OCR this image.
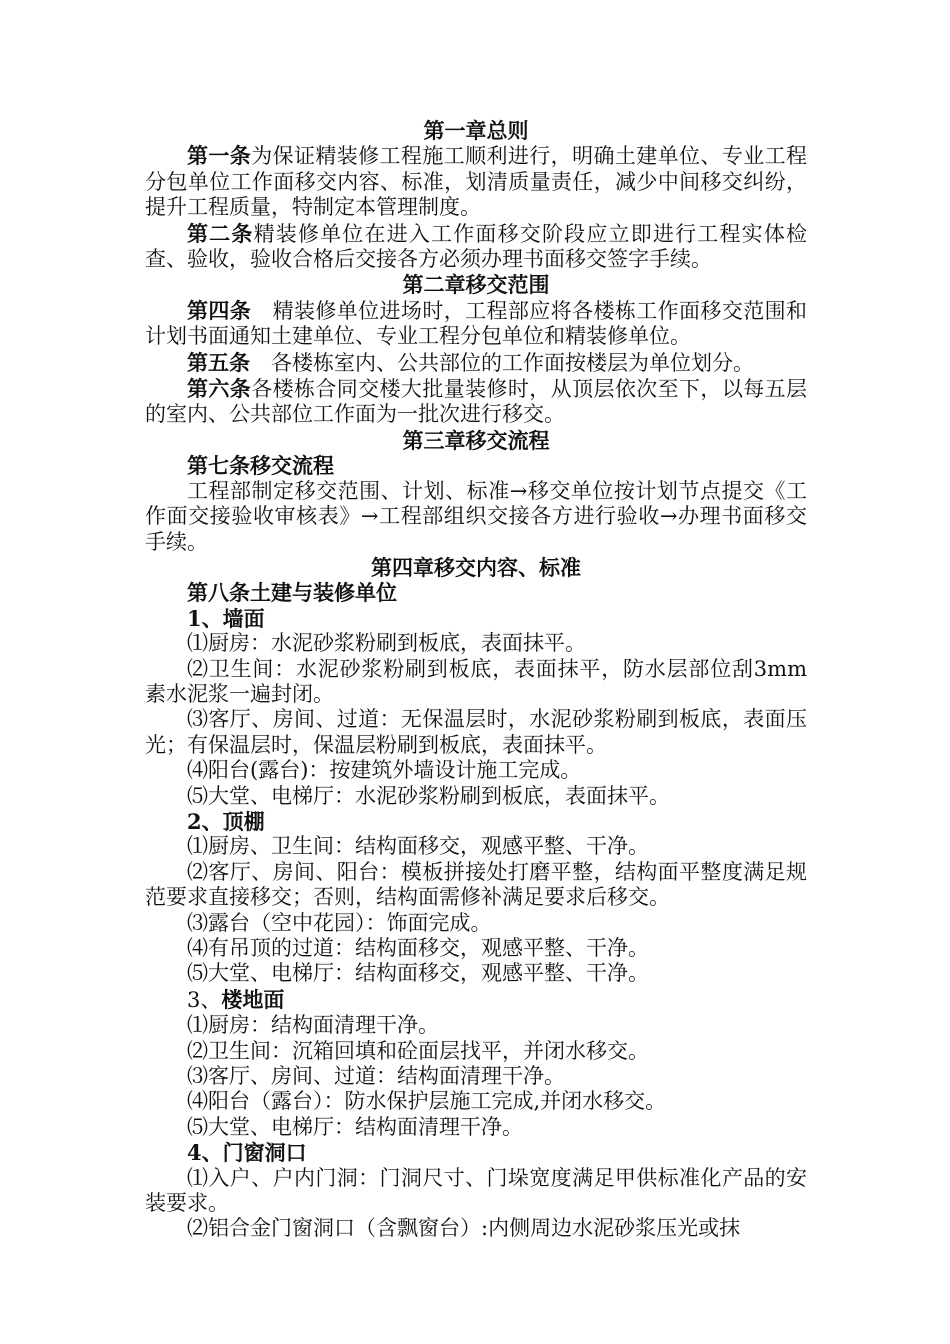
第一章总则

第一条为保证精装修工程施工顺利进行，明确土建单位、专业工程分包单位工作面移交内容、标准，划清质量责任，减少中间移交纠纷，提升工程质量，特制定本管理制度。

第二条精装修单位在进入工作面移交阶段应立即进行工程实体检查、验收，验收合格后交接各方必须办理书面移交签字手续。

第二章移交范围

第四条　精装修单位进场时，工程部应将各楼栋工作面移交范围和计划书面通知土建单位、专业工程分包单位和精装修单位。

第五条　各楼栋室内、公共部位的工作面按楼层为单位划分。

第六条各楼栋合同交楼大批量装修时，从顶层依次至下，以每五层的室内、公共部位工作面为一批次进行移交。

第三章移交流程

第七条移交流程

工程部制定移交范围、计划、标准→移交单位按计划节点提交《工作面交接验收审核表》→工程部组织交接各方进行验收→办理书面移交手续。

第四章移交内容、标准

第八条土建与装修单位

1、墙面

⑴厨房：水泥砂浆粉刷到板底，表面抹平。

⑵卫生间：水泥砂浆粉刷到板底，表面抹平，防水层部位刮3mm素水泥浆一遍封闭。

⑶客厅、房间、过道：无保温层时，水泥砂浆粉刷到板底，表面压光；有保温层时，保温层粉刷到板底，表面抹平。

⑷阳台(露台)：按建筑外墙设计施工完成。

⑸大堂、电梯厅：水泥砂浆粉刷到板底，表面抹平。

2、顶棚

⑴厨房、卫生间：结构面移交，观感平整、干净。

⑵客厅、房间、阳台：模板拼接处打磨平整，结构面平整度满足规范要求直接移交；否则，结构面需修补满足要求后移交。

⑶露台（空中花园）：饰面完成。

⑷有吊顶的过道：结构面移交，观感平整、干净。

⑸大堂、电梯厅：结构面移交，观感平整、干净。

3、楼地面

⑴厨房：结构面清理干净。

⑵卫生间：沉箱回填和砼面层找平，并闭水移交。

⑶客厅、房间、过道：结构面清理干净。

⑷阳台（露台）：防水保护层施工完成,并闭水移交。

⑸大堂、电梯厅：结构面清理干净。

4、门窗洞口

⑴入户、户内门洞：门洞尺寸、门垛宽度满足甲供标准化产品的安装要求。

⑵铝合金门窗洞口（含飘窗台）:内侧周边水泥砂浆压光或抹
